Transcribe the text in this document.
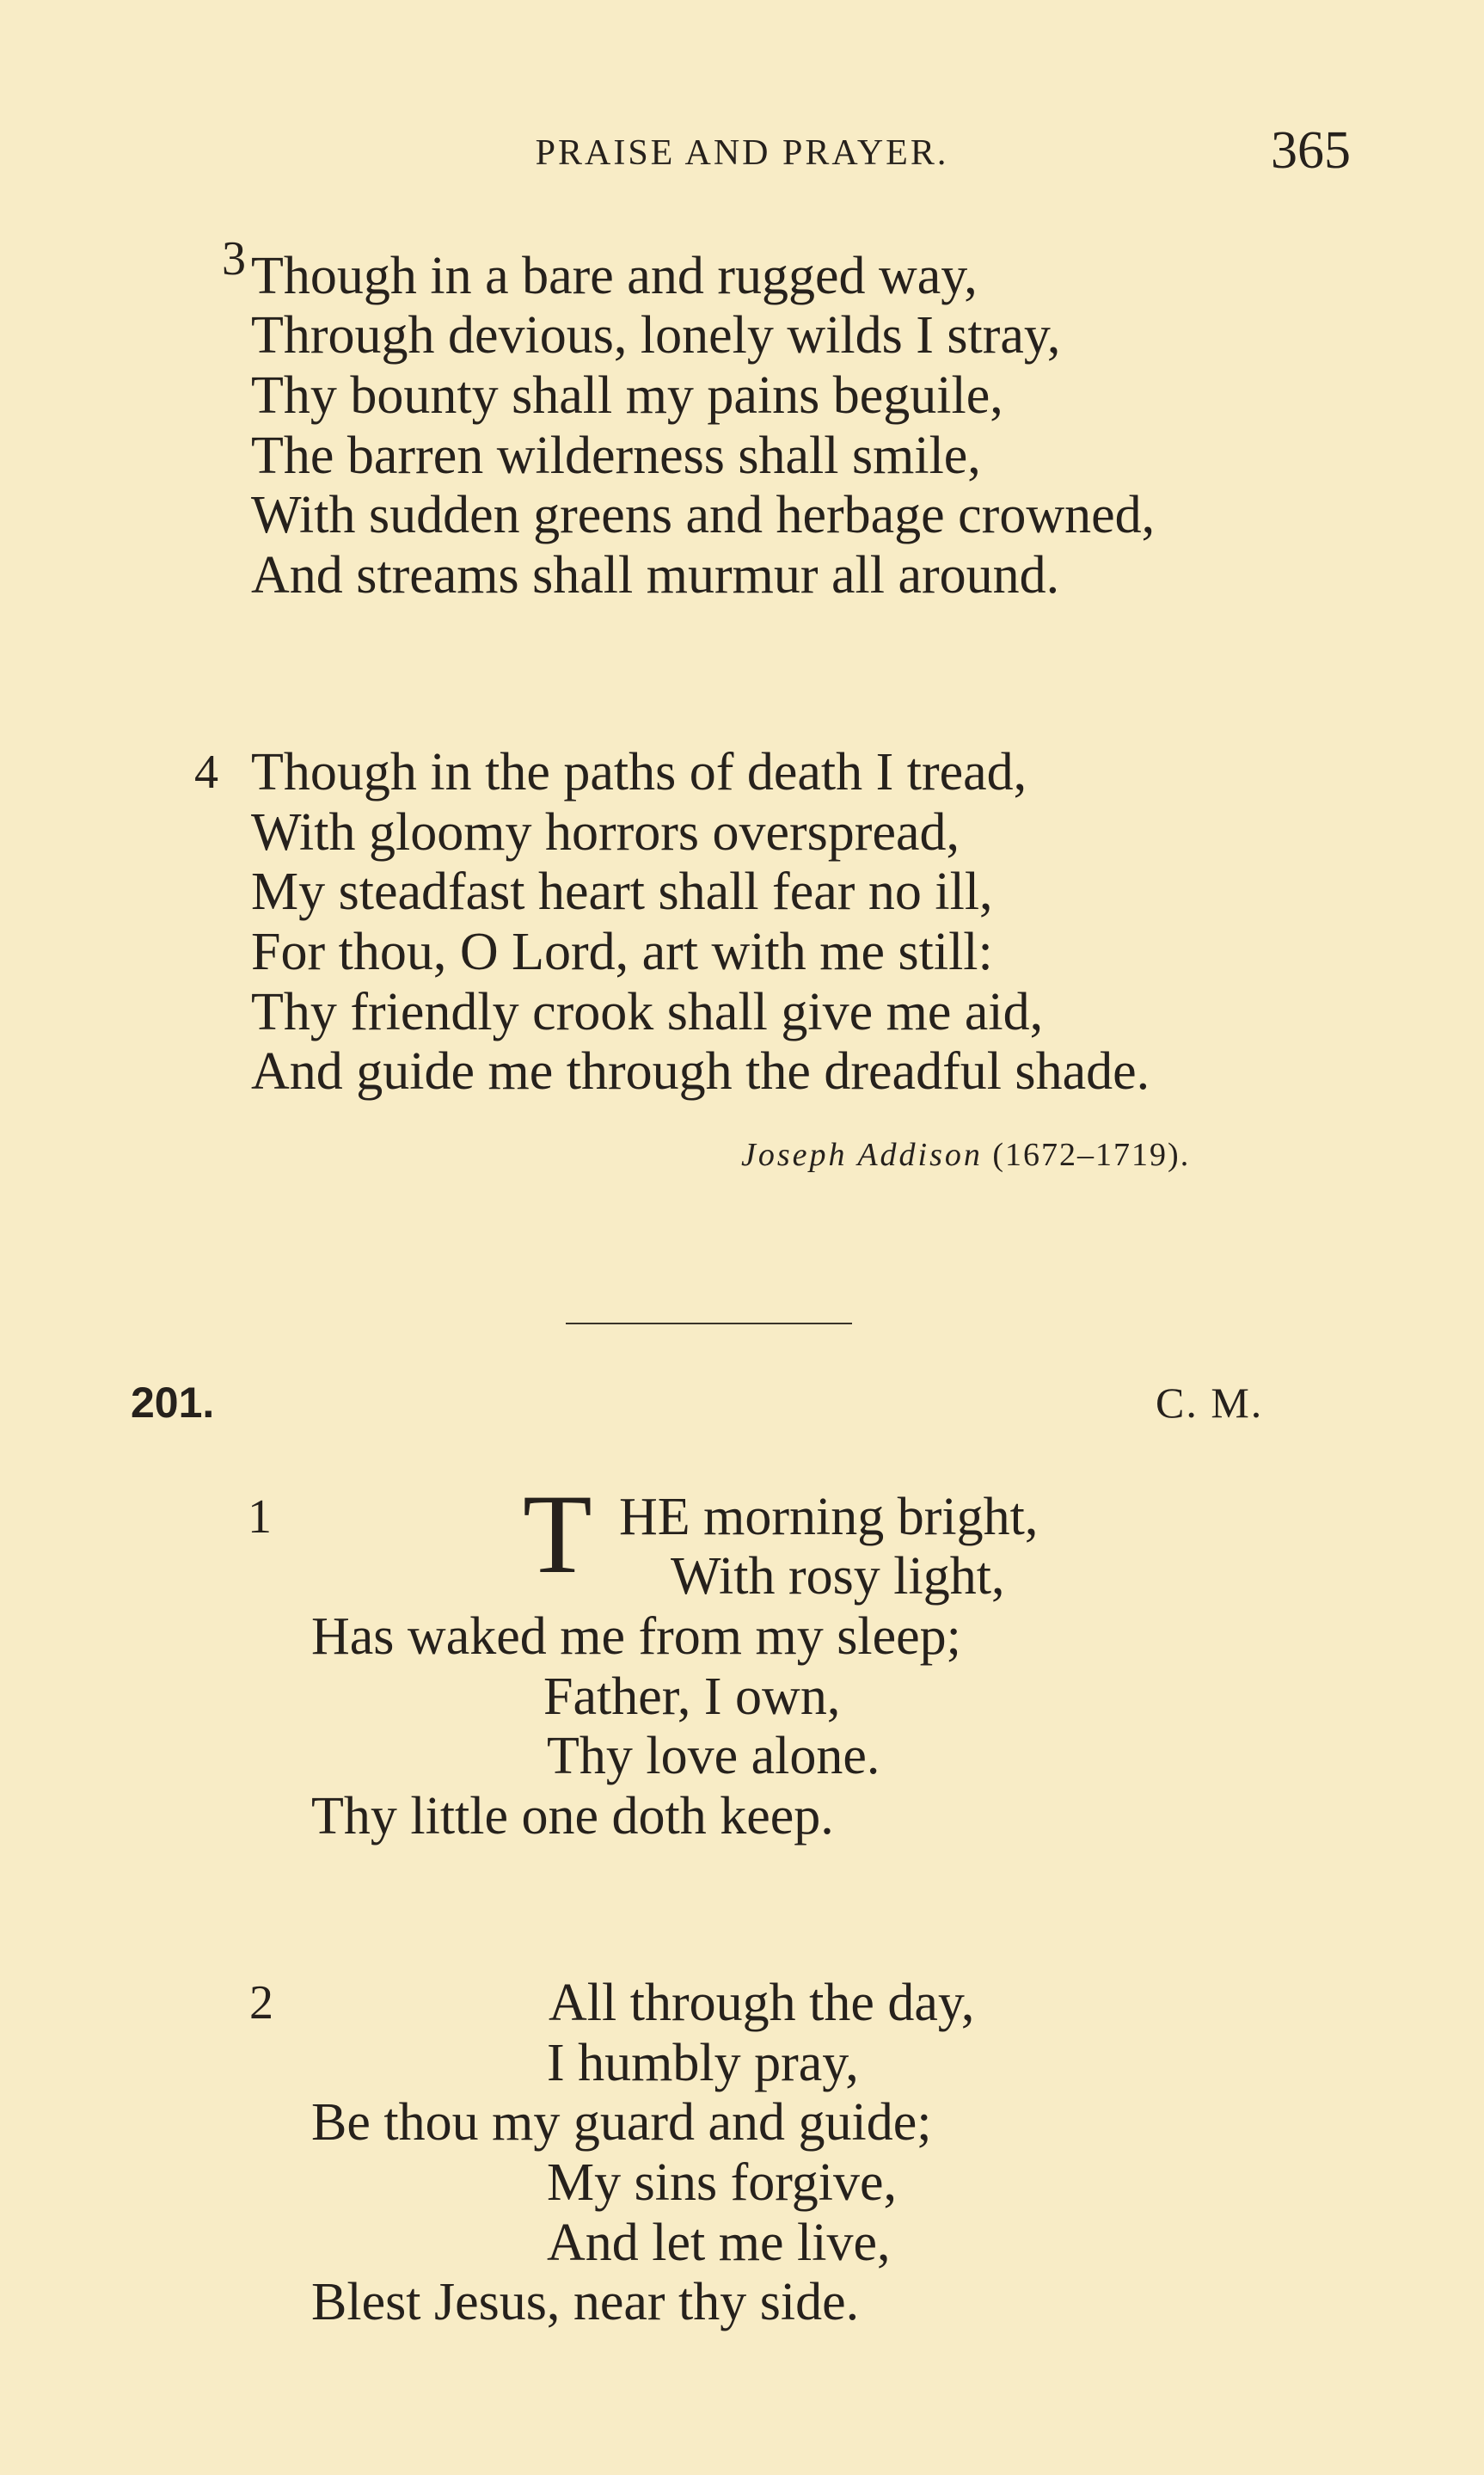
PRAISE AND PRAYER.	365
3 Though in a bare and rugged way,
Through devious, lonely wilds I stray,
Thy bounty shall my pains beguile,
The barren wilderness shall smile,
With sudden greens and herbage crowned,
And streams shall murmur all around.
4 Though in the paths of death I tread,
With gloomy horrors overspread,
My steadfast heart shall fear no ill,
For thou, O Lord, art with me still:
Thy friendly crook shall give me aid,
And guide me through the dreadful shade.
Joseph Addison (1672–1719).
201.	C. M.
1 T HE morning bright,
With rosy light,
Has waked me from my sleep;
Father, I own,
Thy love alone.
Thy little one doth keep.
2	All through the day,
I humbly pray,
Be thou my guard and guide;
My sins forgive,
And let me live,
Blest Jesus, near thy side.
